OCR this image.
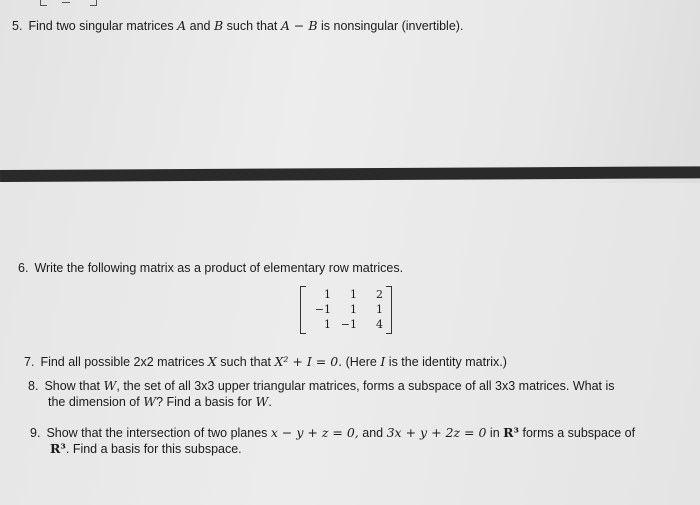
5. Find two singular matrices A and B such that A − B is nonsingular (invertible).
6. Write the following matrix as a product of elementary row matrices.
1	1	2
−1	1	1
1	−1	4
7. Find all possible 2x2 matrices X such that X² + I = 0. (Here I is the identity matrix.)
8. Show that W, the set of all 3x3 upper triangular matrices, forms a subspace of all 3x3 matrices. What is
the dimension of W? Find a basis for W.
9. Show that the intersection of two planes x − y + z = 0, and 3x + y + 2z = 0 in R³ forms a subspace of
R³. Find a basis for this subspace.
